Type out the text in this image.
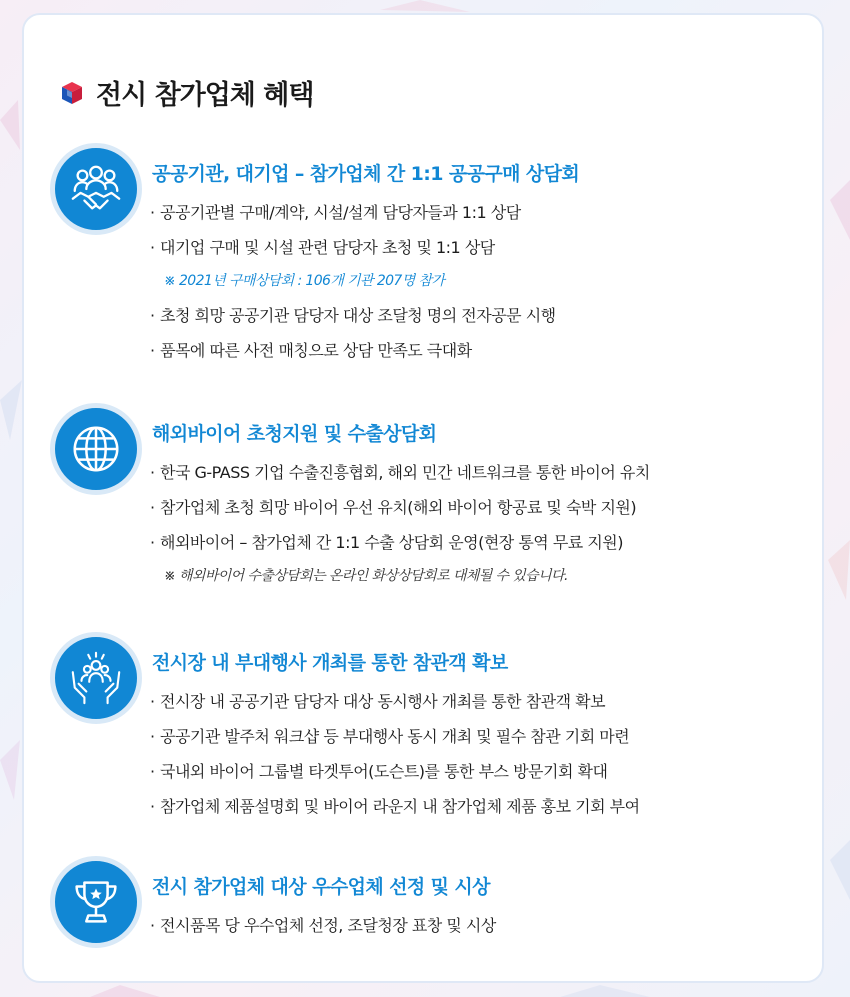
전시 참가업체 혜택
공공기관, 대기업 – 참가업체 간 1:1 공공구매 상담회
· 공공기관별 구매/계약, 시설/설계 담당자들과 1:1 상담
· 대기업 구매 및 시설 관련 담당자 초청 및 1:1 상담
※ 2021년 구매상담회 : 106개 기관 207명 참가
· 초청 희망 공공기관 담당자 대상 조달청 명의 전자공문 시행
· 품목에 따른 사전 매칭으로 상담 만족도 극대화
해외바이어 초청지원 및 수출상담회
· 한국 G-PASS 기업 수출진흥협회, 해외 민간 네트워크를 통한 바이어 유치
· 참가업체 초청 희망 바이어 우선 유치(해외 바이어 항공료 및 숙박 지원)
· 해외바이어 – 참가업체 간 1:1 수출 상담회 운영(현장 통역 무료 지원)
※ 해외바이어 수출상담회는 온라인 화상상담회로 대체될 수 있습니다.
전시장 내 부대행사 개최를 통한 참관객 확보
· 전시장 내 공공기관 담당자 대상 동시행사 개최를 통한 참관객 확보
· 공공기관 발주처 워크샵 등 부대행사 동시 개최 및 필수 참관 기회 마련
· 국내외 바이어 그룹별 타겟투어(도슨트)를 통한 부스 방문기회 확대
· 참가업체 제품설명회 및 바이어 라운지 내 참가업체 제품 홍보 기회 부여
전시 참가업체 대상 우수업체 선정 및 시상
· 전시품목 당 우수업체 선정, 조달청장 표창 및 시상
